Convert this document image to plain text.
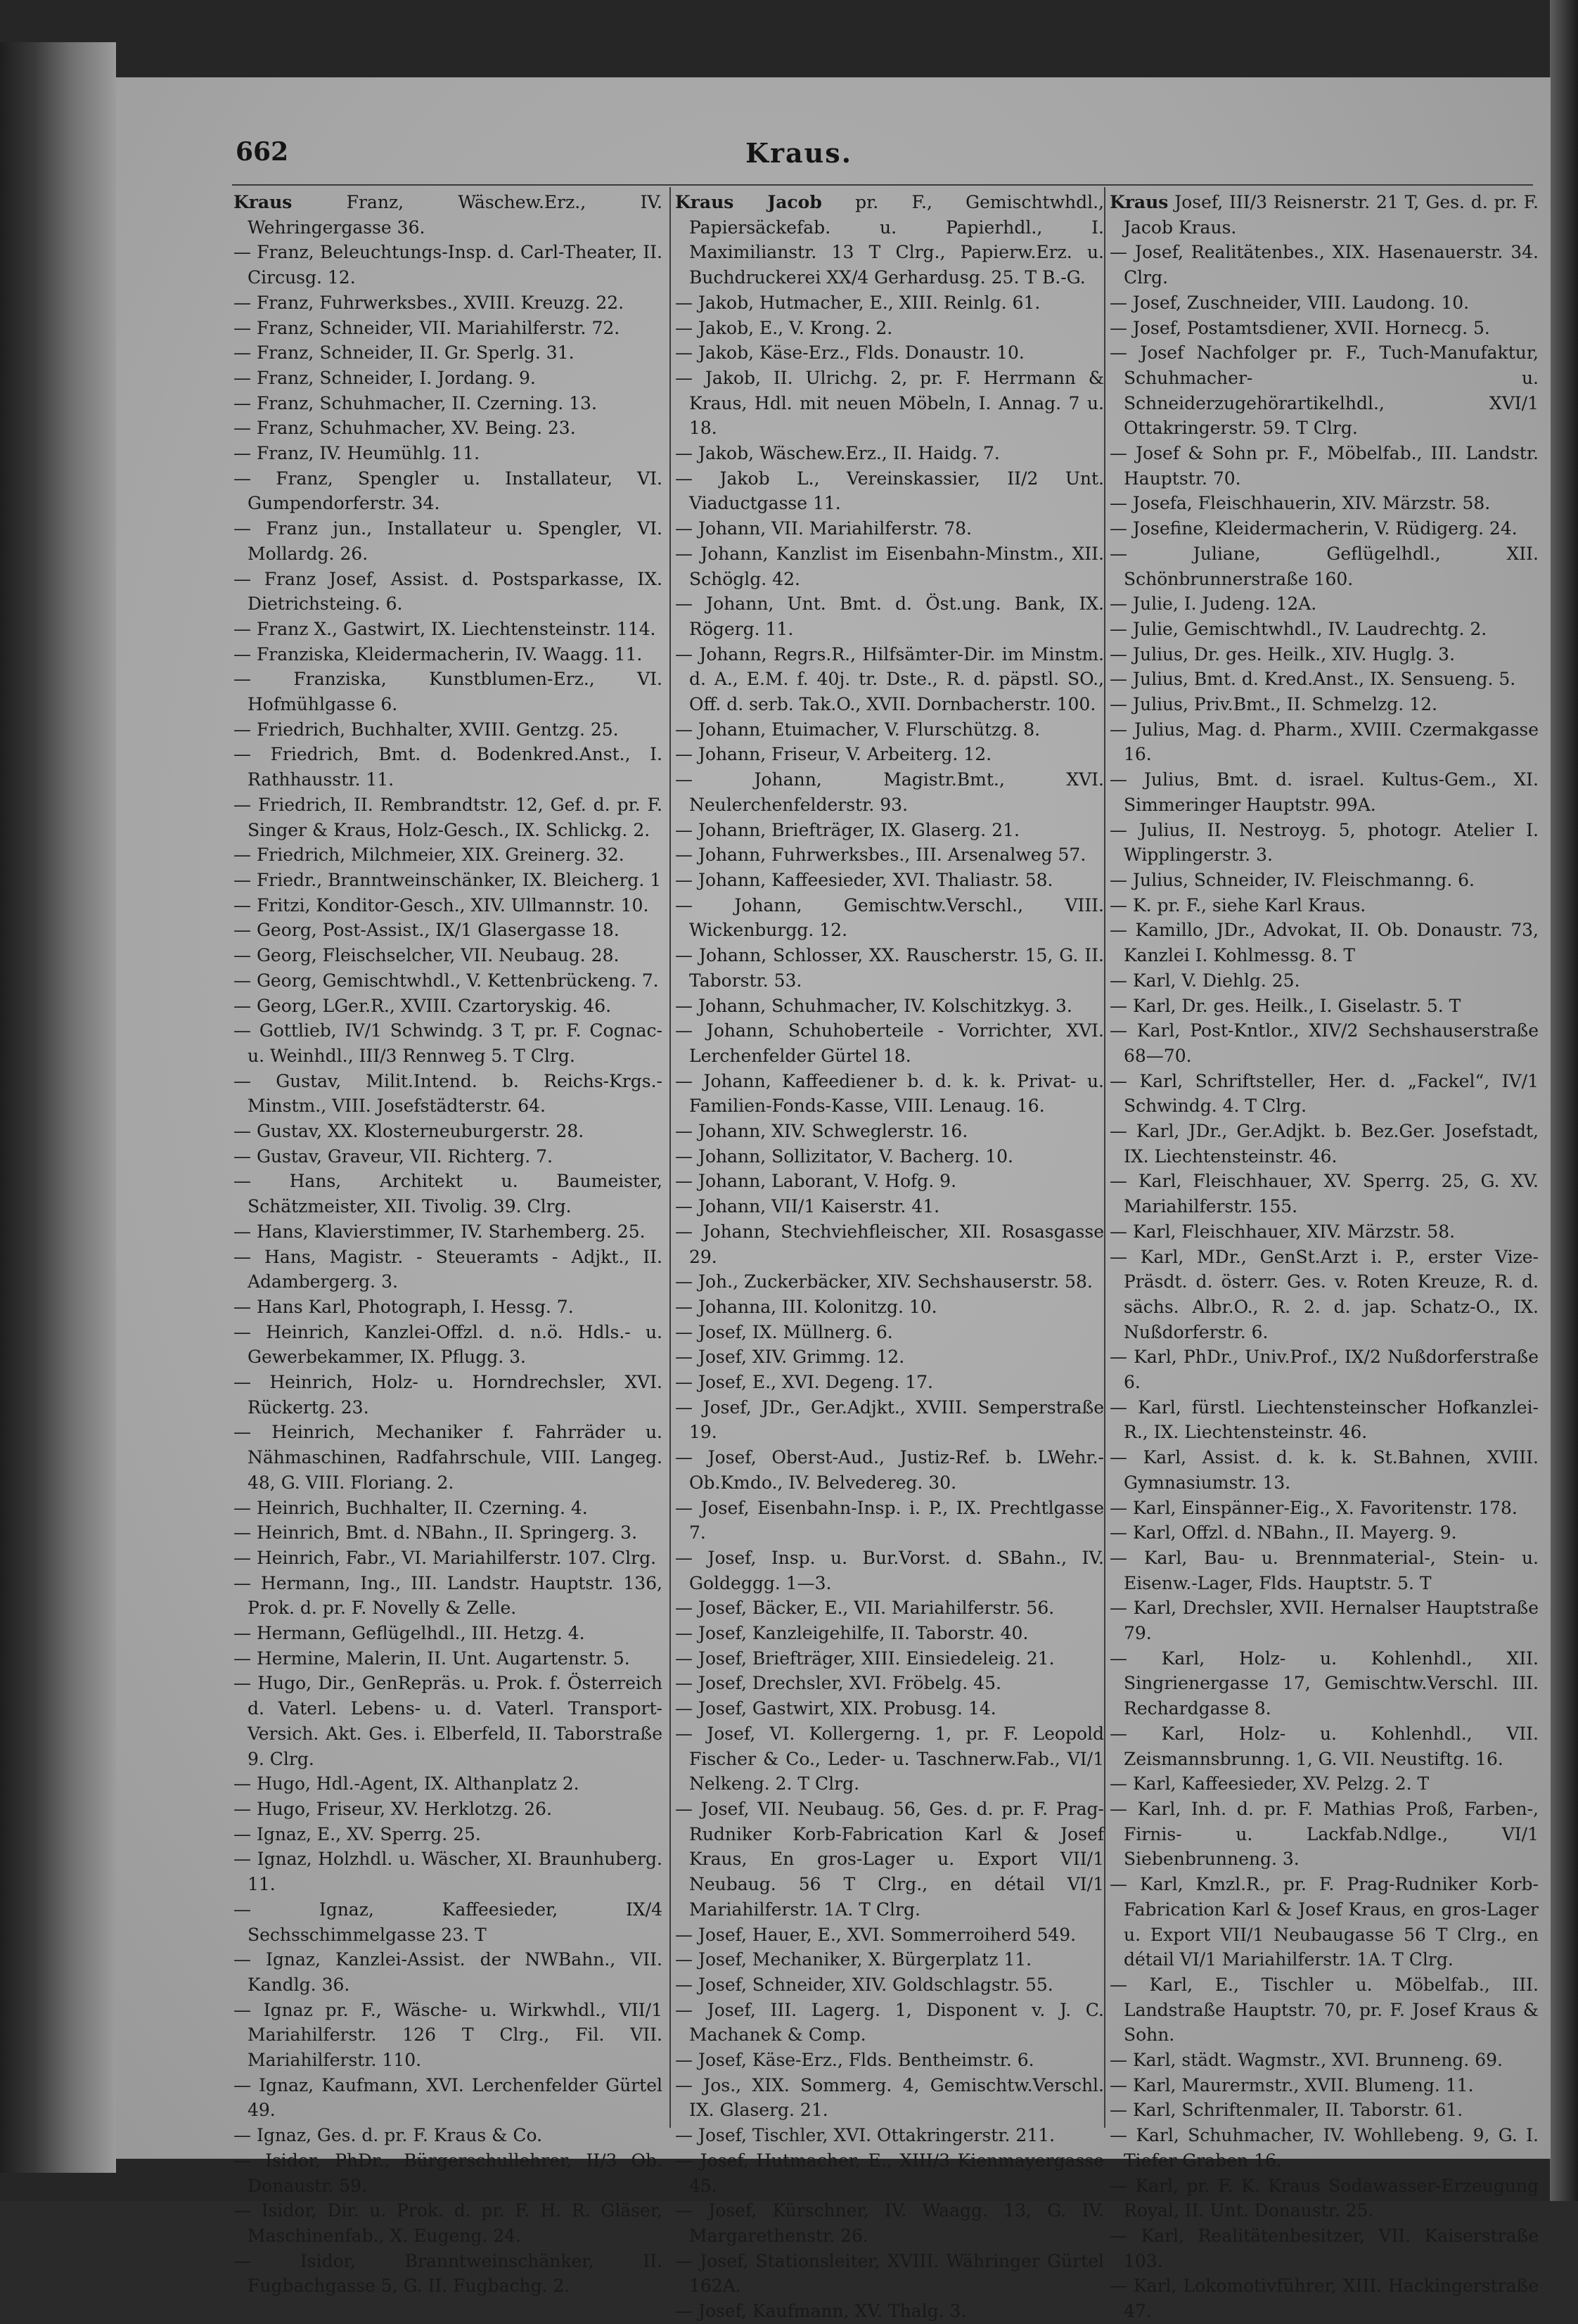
662	Kraus.

Kraus Franz, Wäschew.Erz., IV. Wehringergasse 36.

— Franz, Beleuchtungs-Insp. d. Carl-Theater, II. Circusg. 12.

— Franz, Fuhrwerksbes., XVIII. Kreuzg. 22.

— Franz, Schneider, VII. Mariahilferstr. 72.

— Franz, Schneider, II. Gr. Sperlg. 31.

— Franz, Schneider, I. Jordang. 9.

— Franz, Schuhmacher, II. Czerning. 13.

— Franz, Schuhmacher, XV. Being. 23.

— Franz, IV. Heumühlg. 11.

— Franz, Spengler u. Installateur, VI. Gumpendorferstr. 34.

— Franz jun., Installateur u. Spengler, VI. Mollardg. 26.

— Franz Josef, Assist. d. Postsparkasse, IX. Dietrichsteing. 6.

— Franz X., Gastwirt, IX. Liechtensteinstr. 114.

— Franziska, Kleidermacherin, IV. Waagg. 11.

— Franziska, Kunstblumen-Erz., VI. Hofmühlgasse 6.

— Friedrich, Buchhalter, XVIII. Gentzg. 25.

— Friedrich, Bmt. d. Bodenkred.Anst., I. Rathhausstr. 11.

— Friedrich, II. Rembrandtstr. 12, Gef. d. pr. F. Singer & Kraus, Holz-Gesch., IX. Schlickg. 2.

— Friedrich, Milchmeier, XIX. Greinerg. 32.

— Friedr., Branntweinschänker, IX. Bleicherg. 1

— Fritzi, Konditor-Gesch., XIV. Ullmannstr. 10.

— Georg, Post-Assist., IX/1 Glasergasse 18.

— Georg, Fleischselcher, VII. Neubaug. 28.

— Georg, Gemischtwhdl., V. Kettenbrückeng. 7.

— Georg, LGer.R., XVIII. Czartoryskig. 46.

— Gottlieb, IV/1 Schwindg. 3 T, pr. F. Cognac- u. Weinhdl., III/3 Rennweg 5. T Clrg.

— Gustav, Milit.Intend. b. Reichs-Krgs.-Minstm., VIII. Josefstädterstr. 64.

— Gustav, XX. Klosterneuburgerstr. 28.

— Gustav, Graveur, VII. Richterg. 7.

— Hans, Architekt u. Baumeister, Schätzmeister, XII. Tivolig. 39. Clrg.

— Hans, Klavierstimmer, IV. Starhemberg. 25.

— Hans, Magistr. - Steueramts - Adjkt., II. Adambergerg. 3.

— Hans Karl, Photograph, I. Hessg. 7.

— Heinrich, Kanzlei-Offzl. d. n.ö. Hdls.- u. Gewerbekammer, IX. Pflugg. 3.

— Heinrich, Holz- u. Horndrechsler, XVI. Rückertg. 23.

— Heinrich, Mechaniker f. Fahrräder u. Nähmaschinen, Radfahrschule, VIII. Langeg. 48, G. VIII. Floriang. 2.

— Heinrich, Buchhalter, II. Czerning. 4.

— Heinrich, Bmt. d. NBahn., II. Springerg. 3.

— Heinrich, Fabr., VI. Mariahilferstr. 107. Clrg.

— Hermann, Ing., III. Landstr. Hauptstr. 136, Prok. d. pr. F. Novelly & Zelle.

— Hermann, Geflügelhdl., III. Hetzg. 4.

— Hermine, Malerin, II. Unt. Augartenstr. 5.

— Hugo, Dir., GenRepräs. u. Prok. f. Österreich d. Vaterl. Lebens- u. d. Vaterl. Transport-Versich. Akt. Ges. i. Elberfeld, II. Taborstraße 9. Clrg.

— Hugo, Hdl.-Agent, IX. Althanplatz 2.

— Hugo, Friseur, XV. Herklotzg. 26.

— Ignaz, E., XV. Sperrg. 25.

— Ignaz, Holzhdl. u. Wäscher, XI. Braunhuberg. 11.

— Ignaz, Kaffeesieder, IX/4 Sechsschimmelgasse 23. T

— Ignaz, Kanzlei-Assist. der NWBahn., VII. Kandlg. 36.

— Ignaz pr. F., Wäsche- u. Wirkwhdl., VII/1 Mariahilferstr. 126 T Clrg., Fil. VII. Mariahilferstr. 110.

— Ignaz, Kaufmann, XVI. Lerchenfelder Gürtel 49.

— Ignaz, Ges. d. pr. F. Kraus & Co.

— Isidor, PhDr., Bürgerschullehrer, II/3 Ob. Donaustr. 59.

— Isidor, Dir. u. Prok. d. pr. F. H. R. Gläser, Maschinenfab., X. Eugeng. 24.

— Isidor, Branntweinschänker, II. Fugbachgasse 5, G. II. Fugbachg. 2.

Kraus Jacob pr. F., Gemischtwhdl., Papiersäckefab. u. Papierhdl., I. Maximilianstr. 13 T Clrg., Papierw.Erz. u. Buchdruckerei XX/4 Gerhardusg. 25. T B.-G.

— Jakob, Hutmacher, E., XIII. Reinlg. 61.

— Jakob, E., V. Krong. 2.

— Jakob, Käse-Erz., Flds. Donaustr. 10.

— Jakob, II. Ulrichg. 2, pr. F. Herrmann & Kraus, Hdl. mit neuen Möbeln, I. Annag. 7 u. 18.

— Jakob, Wäschew.Erz., II. Haidg. 7.

— Jakob L., Vereinskassier, II/2 Unt. Viaductgasse 11.

— Johann, VII. Mariahilferstr. 78.

— Johann, Kanzlist im Eisenbahn-Minstm., XII. Schöglg. 42.

— Johann, Unt. Bmt. d. Öst.ung. Bank, IX. Rögerg. 11.

— Johann, Regrs.R., Hilfsämter-Dir. im Minstm. d. A., E.M. f. 40j. tr. Dste., R. d. päpstl. SO., Off. d. serb. Tak.O., XVII. Dornbacherstr. 100.

— Johann, Etuimacher, V. Flurschützg. 8.

— Johann, Friseur, V. Arbeiterg. 12.

— Johann, Magistr.Bmt., XVI. Neulerchenfelderstr. 93.

— Johann, Briefträger, IX. Glaserg. 21.

— Johann, Fuhrwerksbes., III. Arsenalweg 57.

— Johann, Kaffeesieder, XVI. Thaliastr. 58.

— Johann, Gemischtw.Verschl., VIII. Wickenburgg. 12.

— Johann, Schlosser, XX. Rauscherstr. 15, G. II. Taborstr. 53.

— Johann, Schuhmacher, IV. Kolschitzkyg. 3.

— Johann, Schuhoberteile - Vorrichter, XVI. Lerchenfelder Gürtel 18.

— Johann, Kaffeediener b. d. k. k. Privat- u. Familien-Fonds-Kasse, VIII. Lenaug. 16.

— Johann, XIV. Schweglerstr. 16.

— Johann, Sollizitator, V. Bacherg. 10.

— Johann, Laborant, V. Hofg. 9.

— Johann, VII/1 Kaiserstr. 41.

— Johann, Stechviehfleischer, XII. Rosasgasse 29.

— Joh., Zuckerbäcker, XIV. Sechshauserstr. 58.

— Johanna, III. Kolonitzg. 10.

— Josef, IX. Müllnerg. 6.

— Josef, XIV. Grimmg. 12.

— Josef, E., XVI. Degeng. 17.

— Josef, JDr., Ger.Adjkt., XVIII. Semperstraße 19.

— Josef, Oberst-Aud., Justiz-Ref. b. LWehr.-Ob.Kmdo., IV. Belvedereg. 30.

— Josef, Eisenbahn-Insp. i. P., IX. Prechtlgasse 7.

— Josef, Insp. u. Bur.Vorst. d. SBahn., IV. Goldeggg. 1—3.

— Josef, Bäcker, E., VII. Mariahilferstr. 56.

— Josef, Kanzleigehilfe, II. Taborstr. 40.

— Josef, Briefträger, XIII. Einsiedeleig. 21.

— Josef, Drechsler, XVI. Fröbelg. 45.

— Josef, Gastwirt, XIX. Probusg. 14.

— Josef, VI. Kollergerng. 1, pr. F. Leopold Fischer & Co., Leder- u. Taschnerw.Fab., VI/1 Nelkeng. 2. T Clrg.

— Josef, VII. Neubaug. 56, Ges. d. pr. F. Prag-Rudniker Korb-Fabrication Karl & Josef Kraus, En gros-Lager u. Export VII/1 Neubaug. 56 T Clrg., en détail VI/1 Mariahilferstr. 1A. T Clrg.

— Josef, Hauer, E., XVI. Sommerroiherd 549.

— Josef, Mechaniker, X. Bürgerplatz 11.

— Josef, Schneider, XIV. Goldschlagstr. 55.

— Josef, III. Lagerg. 1, Disponent v. J. C. Machanek & Comp.

— Josef, Käse-Erz., Flds. Bentheimstr. 6.

— Jos., XIX. Sommerg. 4, Gemischtw.Verschl. IX. Glaserg. 21.

— Josef, Tischler, XVI. Ottakringerstr. 211.

— Josef, Hutmacher, E., XIII/3 Kienmayergasse 45.

— Josef, Kürschner, IV. Waagg. 13, G. IV. Margarethenstr. 26.

— Josef, Stationsleiter, XVIII. Währinger Gürtel 162A.

— Josef, Kaufmann, XV. Thalg. 3.

Kraus Josef, III/3 Reisnerstr. 21 T, Ges. d. pr. F. Jacob Kraus.

— Josef, Realitätenbes., XIX. Hasenauerstr. 34. Clrg.

— Josef, Zuschneider, VIII. Laudong. 10.

— Josef, Postamtsdiener, XVII. Hornecg. 5.

— Josef Nachfolger pr. F., Tuch-Manufaktur, Schuhmacher- u. Schneiderzugehörartikelhdl., XVI/1 Ottakringerstr. 59. T Clrg.

— Josef & Sohn pr. F., Möbelfab., III. Landstr. Hauptstr. 70.

— Josefa, Fleischhauerin, XIV. Märzstr. 58.

— Josefine, Kleidermacherin, V. Rüdigerg. 24.

— Juliane, Geflügelhdl., XII. Schönbrunnerstraße 160.

— Julie, I. Judeng. 12A.

— Julie, Gemischtwhdl., IV. Laudrechtg. 2.

— Julius, Dr. ges. Heilk., XIV. Huglg. 3.

— Julius, Bmt. d. Kred.Anst., IX. Sensueng. 5.

— Julius, Priv.Bmt., II. Schmelzg. 12.

— Julius, Mag. d. Pharm., XVIII. Czermakgasse 16.

— Julius, Bmt. d. israel. Kultus-Gem., XI. Simmeringer Hauptstr. 99A.

— Julius, II. Nestroyg. 5, photogr. Atelier I. Wipplingerstr. 3.

— Julius, Schneider, IV. Fleischmanng. 6.

— K. pr. F., siehe Karl Kraus.

— Kamillo, JDr., Advokat, II. Ob. Donaustr. 73, Kanzlei I. Kohlmessg. 8. T

— Karl, V. Diehlg. 25.

— Karl, Dr. ges. Heilk., I. Giselastr. 5. T

— Karl, Post-Kntlor., XIV/2 Sechshauserstraße 68—70.

— Karl, Schriftsteller, Her. d. „Fackel“, IV/1 Schwindg. 4. T Clrg.

— Karl, JDr., Ger.Adjkt. b. Bez.Ger. Josefstadt, IX. Liechtensteinstr. 46.

— Karl, Fleischhauer, XV. Sperrg. 25, G. XV. Mariahilferstr. 155.

— Karl, Fleischhauer, XIV. Märzstr. 58.

— Karl, MDr., GenSt.Arzt i. P., erster Vize-Präsdt. d. österr. Ges. v. Roten Kreuze, R. d. sächs. Albr.O., R. 2. d. jap. Schatz-O., IX. Nußdorferstr. 6.

— Karl, PhDr., Univ.Prof., IX/2 Nußdorferstraße 6.

— Karl, fürstl. Liechtensteinscher Hofkanzlei-R., IX. Liechtensteinstr. 46.

— Karl, Assist. d. k. k. St.Bahnen, XVIII. Gymnasiumstr. 13.

— Karl, Einspänner-Eig., X. Favoritenstr. 178.

— Karl, Offzl. d. NBahn., II. Mayerg. 9.

— Karl, Bau- u. Brennmaterial-, Stein- u. Eisenw.-Lager, Flds. Hauptstr. 5. T

— Karl, Drechsler, XVII. Hernalser Hauptstraße 79.

— Karl, Holz- u. Kohlenhdl., XII. Singrienergasse 17, Gemischtw.Verschl. III. Rechardgasse 8.

— Karl, Holz- u. Kohlenhdl., VII. Zeismannsbrunng. 1, G. VII. Neustiftg. 16.

— Karl, Kaffeesieder, XV. Pelzg. 2. T

— Karl, Inh. d. pr. F. Mathias Proß, Farben-, Firnis- u. Lackfab.Ndlge., VI/1 Siebenbrunneng. 3.

— Karl, Kmzl.R., pr. F. Prag-Rudniker Korb-Fabrication Karl & Josef Kraus, en gros-Lager u. Export VII/1 Neubaugasse 56 T Clrg., en détail VI/1 Mariahilferstr. 1A. T Clrg.

— Karl, E., Tischler u. Möbelfab., III. Landstraße Hauptstr. 70, pr. F. Josef Kraus & Sohn.

— Karl, städt. Wagmstr., XVI. Brunneng. 69.

— Karl, Maurermstr., XVII. Blumeng. 11.

— Karl, Schriftenmaler, II. Taborstr. 61.

— Karl, Schuhmacher, IV. Wohllebeng. 9, G. I. Tiefer Graben 16.

— Karl, pr. F. K. Kraus Sodawasser-Erzeugung Royal, II. Unt. Donaustr. 25.

— Karl, Realitätenbesitzer, VII. Kaiserstraße 103.

— Karl, Lokomotivführer, XIII. Hackingerstraße 47.
